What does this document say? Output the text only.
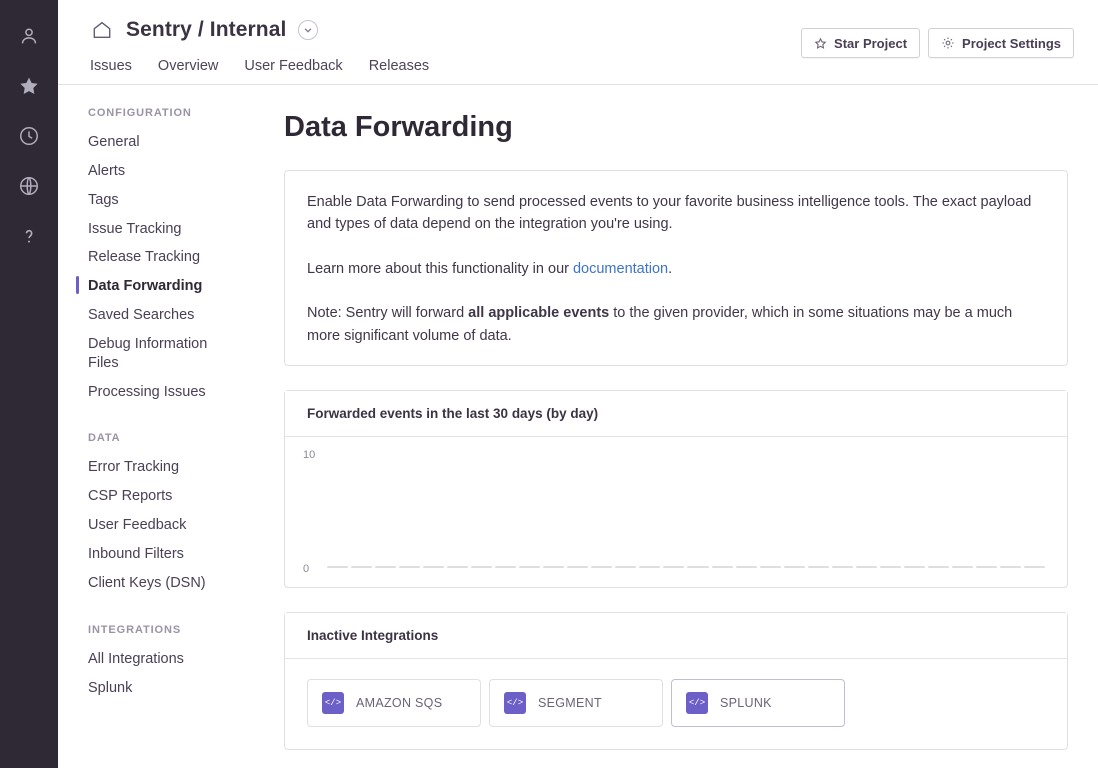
Sentry / Internal
Issues Overview User Feedback Releases
Star Project	Project Settings
CONFIGURATION
General
Alerts
Tags
Issue Tracking
Release Tracking
Data Forwarding
Saved Searches
Debug Information Files
Processing Issues
DATA
Error Tracking
CSP Reports
User Feedback
Inbound Filters
Client Keys (DSN)
INTEGRATIONS
All Integrations
Splunk
Data Forwarding

Enable Data Forwarding to send processed events to your favorite business intelligence tools. The exact payload and types of data depend on the integration you're using.

Learn more about this functionality in our documentation.

Note: Sentry will forward all applicable events to the given provider, which in some situations may be a much more significant volume of data.

Forwarded events in the last 30 days (by day)
10
0
Inactive Integrations
</> AMAZON SQS	</> SEGMENT	</> SPLUNK
